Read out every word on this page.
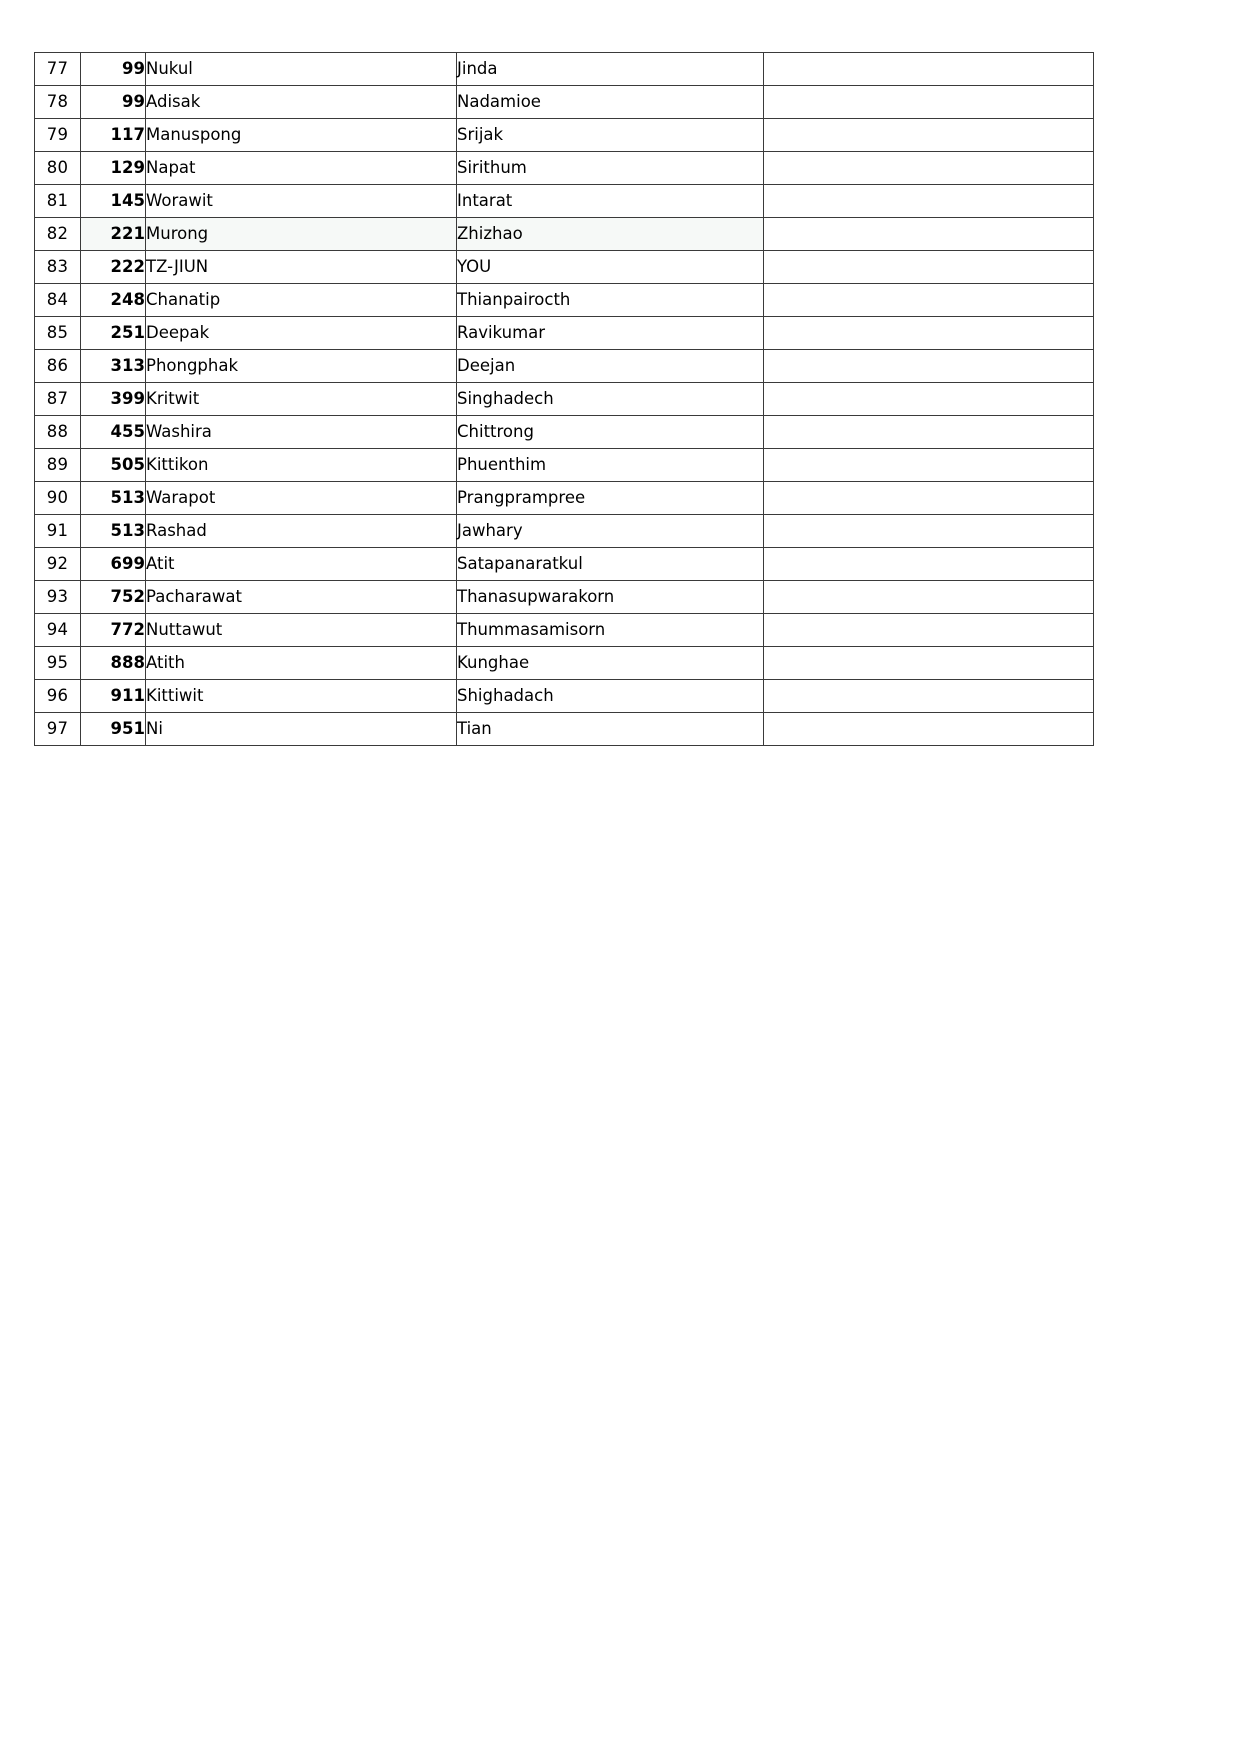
77	99	Nukul	Jinda	
78	99	Adisak	Nadamioe	
79	117	Manuspong	Srijak	
80	129	Napat	Sirithum	
81	145	Worawit	Intarat	
82	221	Murong	Zhizhao	
83	222	TZ-JIUN	YOU	
84	248	Chanatip	Thianpairocth	
85	251	Deepak	Ravikumar	
86	313	Phongphak	Deejan	
87	399	Kritwit	Singhadech	
88	455	Washira	Chittrong	
89	505	Kittikon	Phuenthim	
90	513	Warapot	Prangprampree	
91	513	Rashad	Jawhary	
92	699	Atit	Satapanaratkul	
93	752	Pacharawat	Thanasupwarakorn	
94	772	Nuttawut	Thummasamisorn	
95	888	Atith	Kunghae	
96	911	Kittiwit	Shighadach	
97	951	Ni	Tian	
